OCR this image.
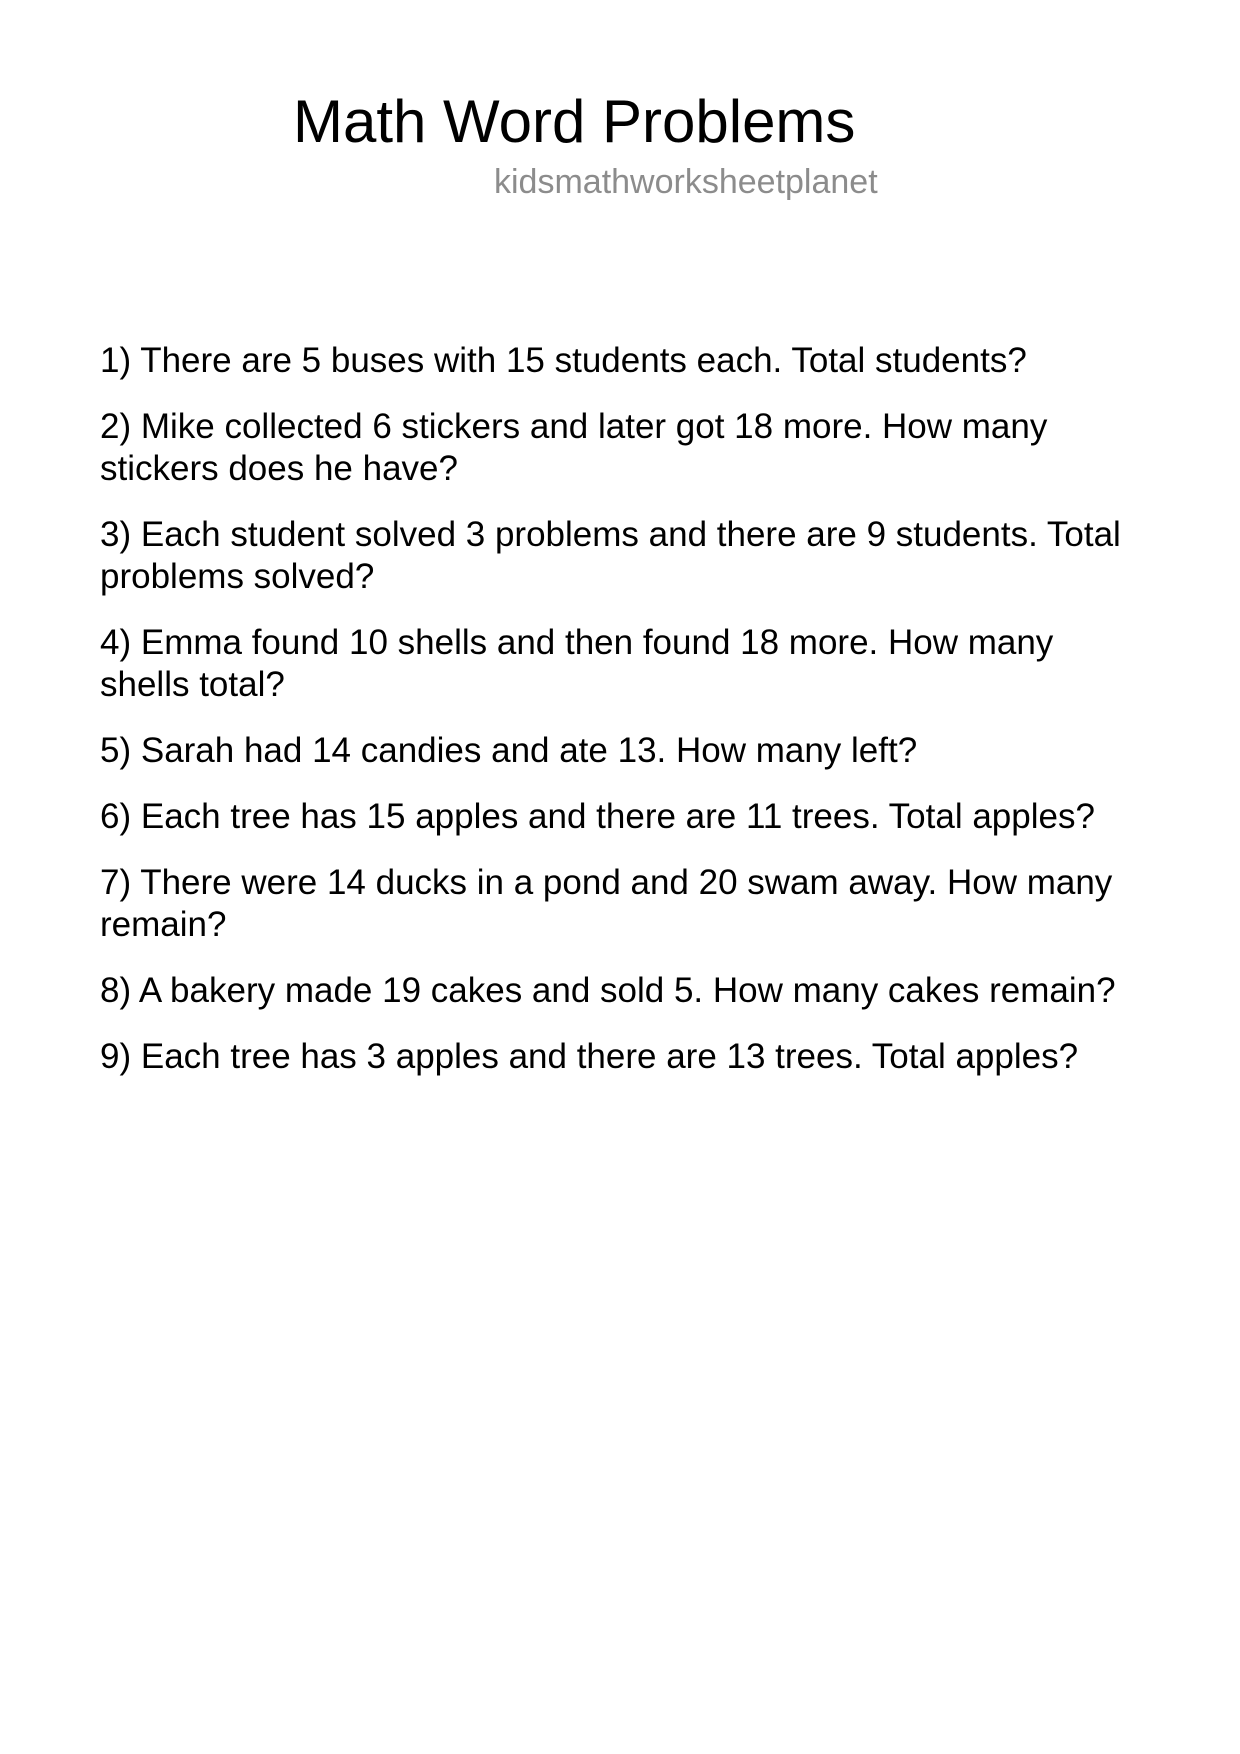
Math Word Problems
kidsmathworksheetplanet

1) There are 5 buses with 15 students each. Total students?

2) Mike collected 6 stickers and later got 18 more. How many stickers does he have?

3) Each student solved 3 problems and there are 9 students. Total problems solved?

4) Emma found 10 shells and then found 18 more. How many shells total?

5) Sarah had 14 candies and ate 13. How many left?

6) Each tree has 15 apples and there are 11 trees. Total apples?

7) There were 14 ducks in a pond and 20 swam away. How many remain?

8) A bakery made 19 cakes and sold 5. How many cakes remain?

9) Each tree has 3 apples and there are 13 trees. Total apples?
